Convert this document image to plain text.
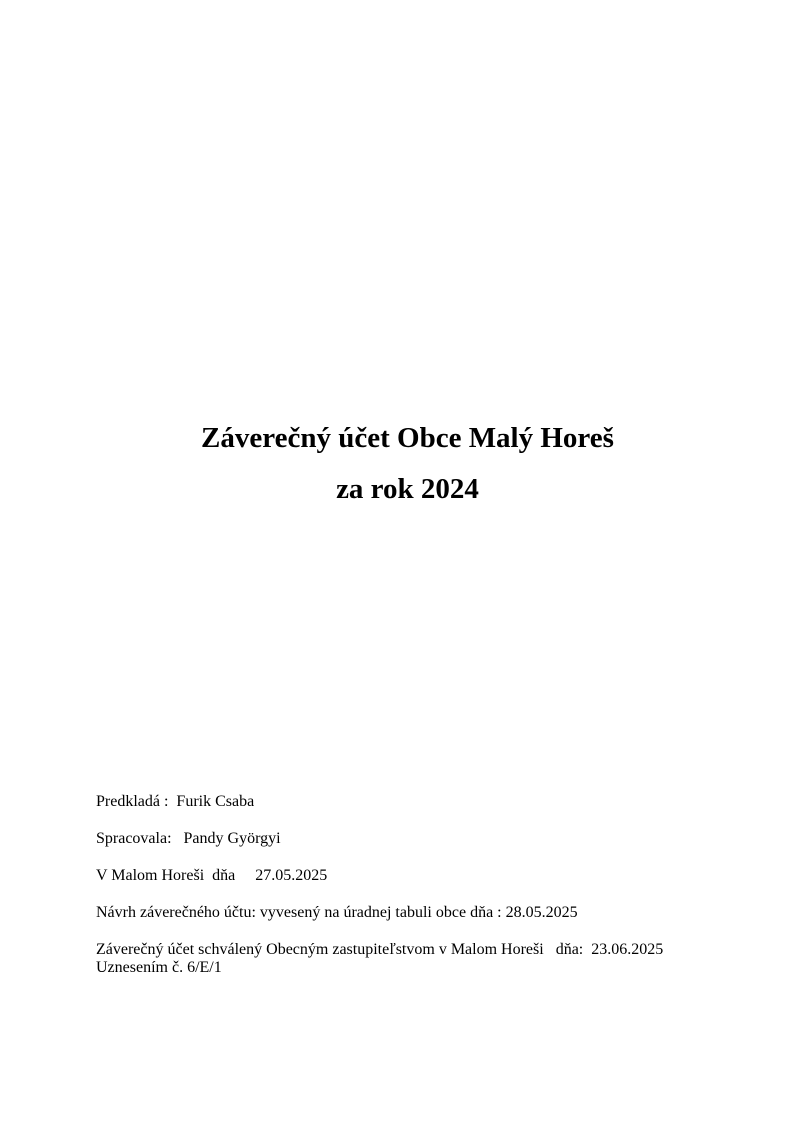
Záverečný účet Obce Malý Horeš

za rok 2024

Predkladá : Furik Csaba

Spracovala: Pandy Györgyi

V Malom Horeši  dňa 27.05.2025

Návrh záverečného účtu: vyvesený na úradnej tabuli obce dňa : 28.05.2025

Záverečný účet schválený Obecným zastupiteľstvom v Malom Horeši dňa: 23.06.2025

Uznesením č. 6/E/1
